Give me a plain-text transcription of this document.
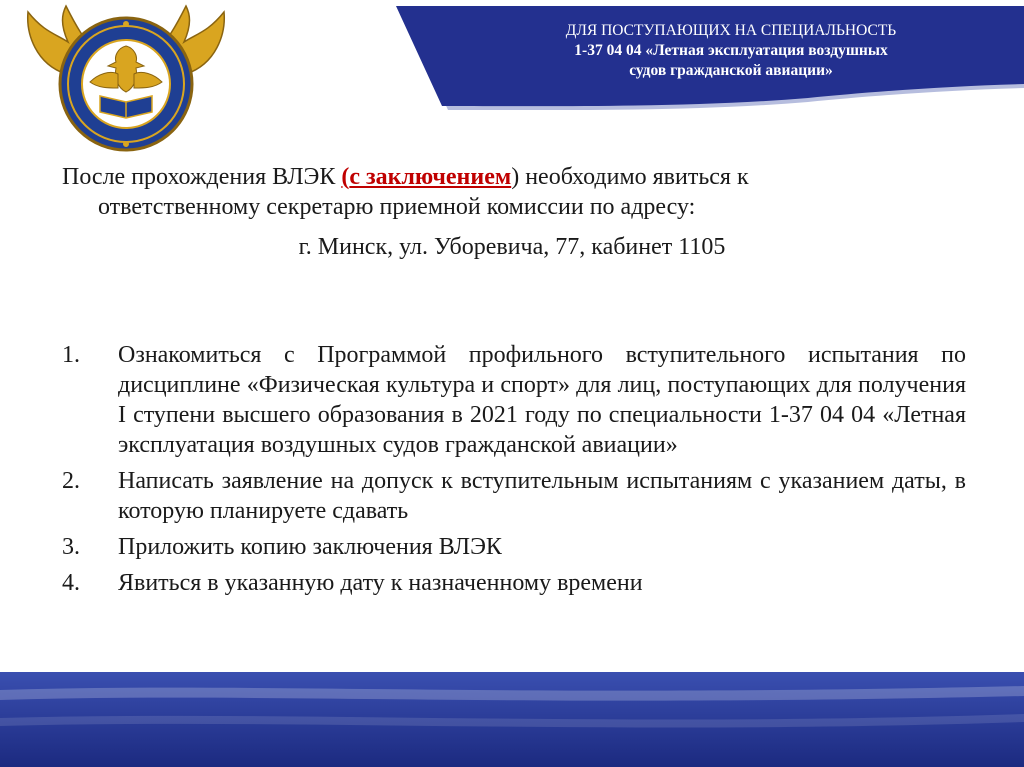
ДЛЯ ПОСТУПАЮЩИХ НА СПЕЦИАЛЬНОСТЬ
1-37 04 04 «Летная эксплуатация воздушных
судов гражданской авиации»
После прохождения ВЛЭК (с заключением) необходимо явиться к
ответственному секретарю приемной комиссии по адресу:
г. Минск, ул. Уборевича, 77, кабинет 1105
1. Ознакомиться с Программой профильного вступительного испытания по дисциплине «Физическая культура и спорт» для лиц, поступающих для получения I ступени высшего образования в 2021 году по специальности 1-37 04 04 «Летная эксплуатация воздушных судов гражданской авиации»
2. Написать заявление на допуск к вступительным испытаниям с указанием даты, в которую планируете сдавать
3. Приложить копию заключения ВЛЭК
4. Явиться в указанную дату к назначенному времени
